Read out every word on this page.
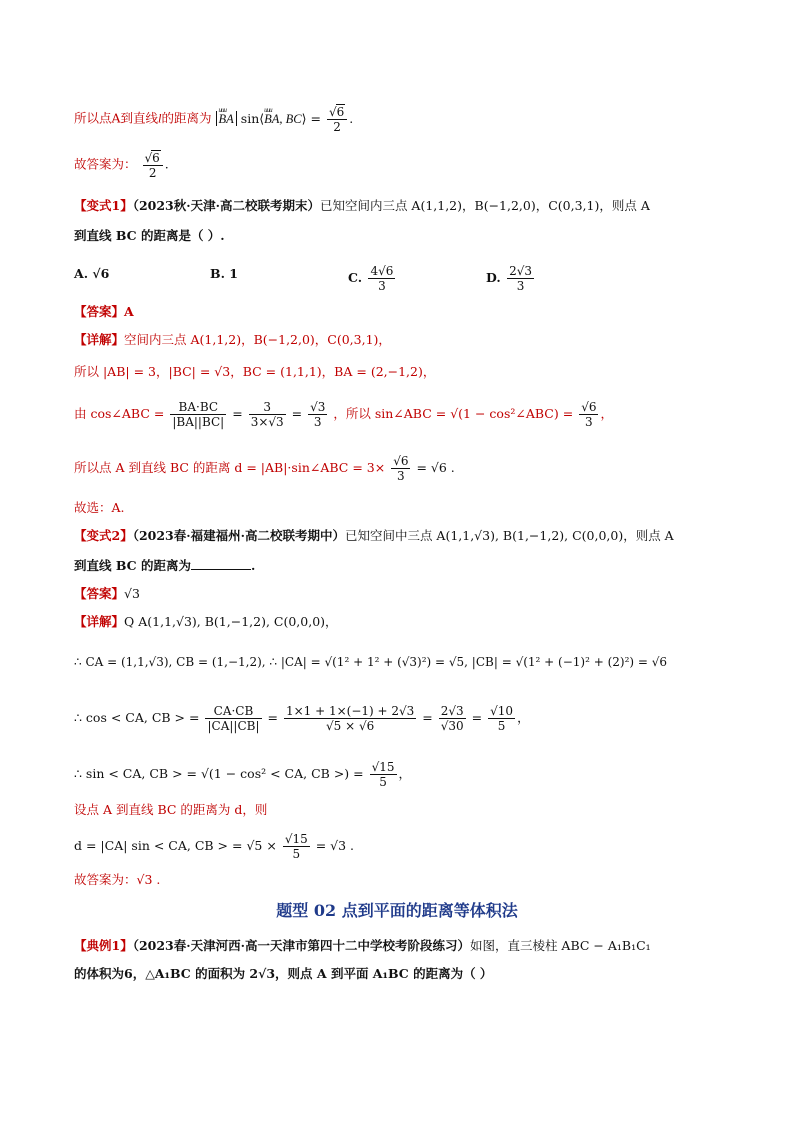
所以点A到直线l的距离为 uuu BA sin⟨uuu BA, BC⟩ = $\frac{√6}{2}$ .
故答案为： $\frac{√6}{2}$ .
【变式1】（2023秋·天津·高二校联考期末）已知空间内三点 A(1,1,2)，B(−1,2,0)，C(0,3,1)，则点 A
到直线 BC 的距离是（ ）.
A. √6	B. 1	C. $\frac{4√6}{3}$	D. $\frac{2√3}{3}$
【答案】A
【详解】空间内三点 A(1,1,2)，B(−1,2,0)，C(0,3,1)，
所以 |AB| = 3，|BC| = √3，BC = (1,1,1)，BA = (2,−1,2)，
由 cos∠ABC = $\frac{BA\cdot BC}{|BA||BC|} = \frac{3}{3\times√3} = \frac{√3}{3}$ ，所以 sin∠ABC = √(1 − cos²∠ABC) = $\frac{√6}{3}$ ，
所以点 A 到直线 BC 的距离 d = |AB|·sin∠ABC = $3\times \frac{√6}{3} = √6$ .
故选：A.
【变式2】（2023春·福建福州·高二校联考期中）已知空间中三点 A(1,1,√3), B(1,−1,2), C(0,0,0)，则点 A
到直线 BC 的距离为	.
【答案】√3
【详解】Q A(1,1,√3), B(1,−1,2), C(0,0,0)，
∴ CA = (1,1,√3), CB = (1,−1,2), ∴ |CA| = √(1² + 1² + (√3)²) = √5, |CB| = √(1² + (−1)² + (2)²) = √6
∴ cos < CA, CB > = $\frac{CA\cdot CB}{|CA||CB|} = \frac{1\times 1 + 1\times(-1) + 2√3}{√5 \times √6} = \frac{2√3}{√30} = \frac{√10}{5}$ ，
∴ sin < CA, CB > = √(1 − cos² < CA, CB >) = $\frac{√15}{5}$ ，
设点 A 到直线 BC 的距离为 d，则
d = |CA| sin < CA, CB > = $√5 \times \frac{√15}{5} = √3$ .
故答案为：√3 .
题型 02 点到平面的距离等体积法
【典例1】（2023春·天津河西·高一天津市第四十二中学校考阶段练习）如图，直三棱柱 ABC − A₁B₁C₁
的体积为6，△A₁BC 的面积为 2√3，则点 A 到平面 A₁BC 的距离为（ ）
